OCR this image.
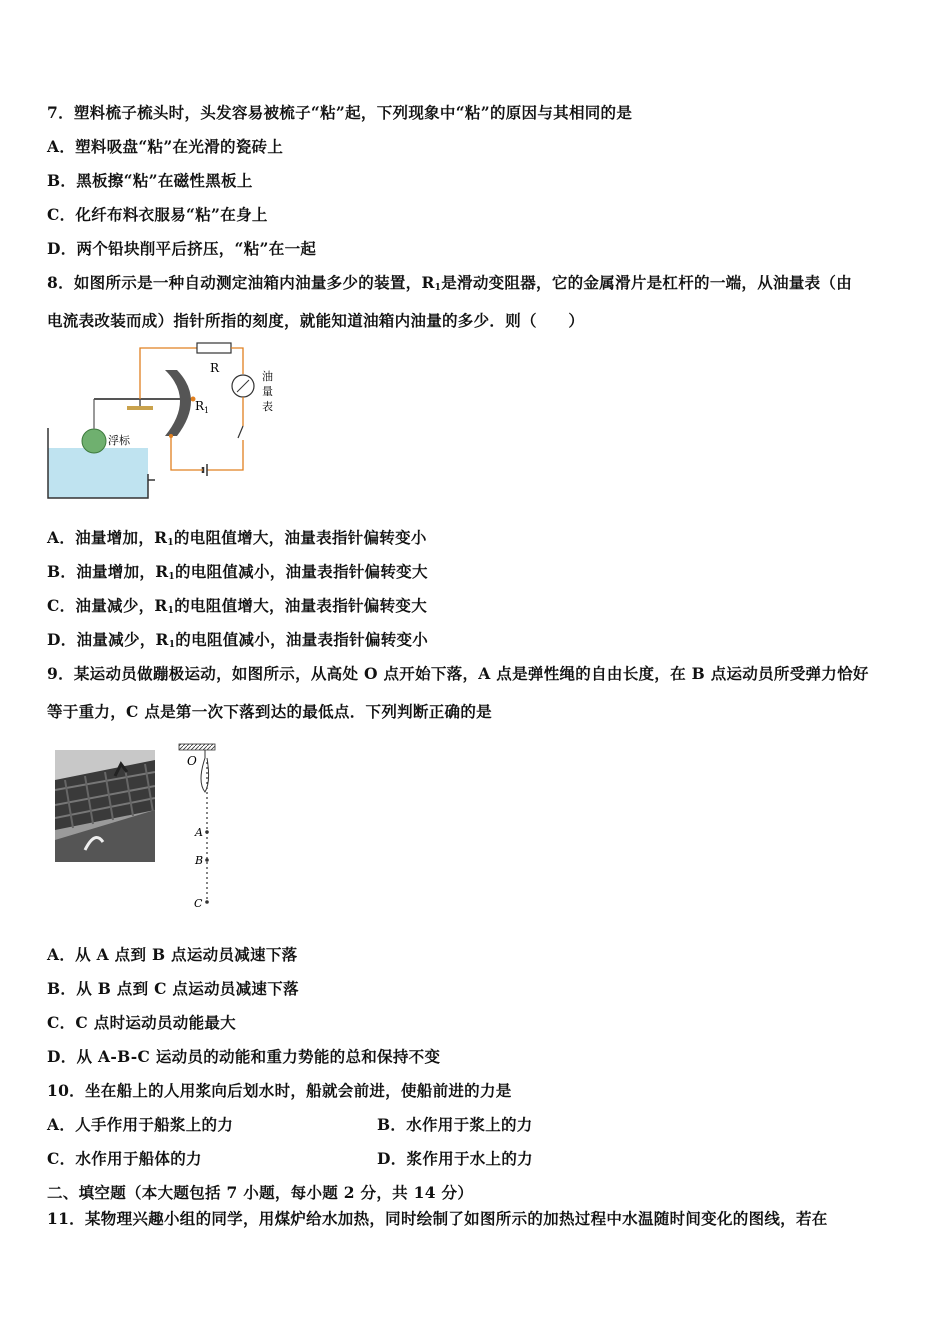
7．塑料梳子梳头时，头发容易被梳子“粘”起，下列现象中“粘”的原因与其相同的是
A．塑料吸盘“粘”在光滑的瓷砖上
B．黑板擦“粘”在磁性黑板上
C．化纤布料衣服易“粘”在身上
D．两个铅块削平后挤压，“粘”在一起
8．如图所示是一种自动测定油箱内油量多少的装置，$R_1$是滑动变阻器，它的金属滑片是杠杆的一端，从油量表（由
电流表改装而成）指针所指的刻度，就能知道油箱内油量的多少．则（　　）
R
$R_1$
油
量
表
浮标
A．油量增加，$R_1$的电阻值增大，油量表指针偏转变小
B．油量增加，$R_1$的电阻值减小，油量表指针偏转变大
C．油量减少，$R_1$的电阻值增大，油量表指针偏转变大
D．油量减少，$R_1$的电阻值减小，油量表指针偏转变小
9．某运动员做蹦极运动，如图所示，从高处 O 点开始下落，A 点是弹性绳的自由长度，在 B 点运动员所受弹力恰好
等于重力，C 点是第一次下落到达的最低点．下列判断正确的是
O
A
B
C
A．从 A 点到 B 点运动员减速下落
B．从 B 点到 C 点运动员减速下落
C．C 点时运动员动能最大
D．从 A-B-C 运动员的动能和重力势能的总和保持不变
10．坐在船上的人用浆向后划水时，船就会前进，使船前进的力是
A．人手作用于船浆上的力	B．水作用于浆上的力
C．水作用于船体的力	D．浆作用于水上的力
二、填空题（本大题包括 7 小题，每小题 2 分，共 14 分）
11．某物理兴趣小组的同学，用煤炉给水加热，同时绘制了如图所示的加热过程中水温随时间变化的图线，若在
